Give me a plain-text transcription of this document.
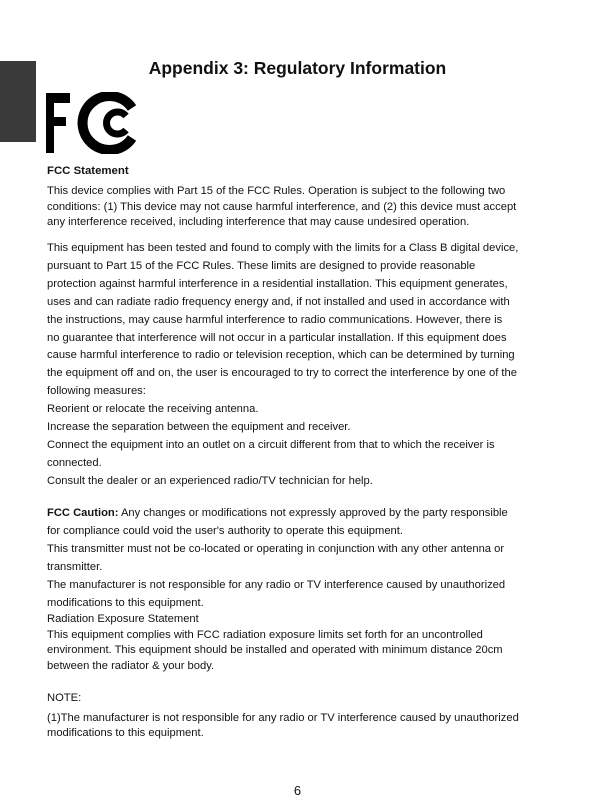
Appendix 3: Regulatory Information

FCC Statement

This device complies with Part 15 of the FCC Rules. Operation is subject to the following two

conditions: (1) This device may not cause harmful interference, and (2) this device must accept

any interference received, including interference that may cause undesired operation.

This equipment has been tested and found to comply with the limits for a Class B digital device,

pursuant to Part 15 of the FCC Rules. These limits are designed to provide reasonable

protection against harmful interference in a residential installation. This equipment generates,

uses and can radiate radio frequency energy and, if not installed and used in accordance with

the instructions, may cause harmful interference to radio communications. However, there is

no guarantee that interference will not occur in a particular installation. If this equipment does

cause harmful interference to radio or television reception, which can be determined by turning

the equipment off and on, the user is encouraged to try to correct the interference by one of the

following measures:

Reorient or relocate the receiving antenna.

Increase the separation between the equipment and receiver.

Connect the equipment into an outlet on a circuit different from that to which the receiver is

connected.

Consult the dealer or an experienced radio/TV technician for help.

FCC Caution: Any changes or modifications not expressly approved by the party responsible

for compliance could void the user's authority to operate this equipment.

This transmitter must not be co-located or operating in conjunction with any other antenna or

transmitter.

The manufacturer is not responsible for any radio or TV interference caused by unauthorized

modifications to this equipment.

Radiation Exposure Statement

This equipment complies with FCC radiation exposure limits set forth for an uncontrolled

environment. This equipment should be installed and operated with minimum distance 20cm

between the radiator & your body.

NOTE:

(1)The manufacturer is not responsible for any radio or TV interference caused by unauthorized

modifications to this equipment.

6
